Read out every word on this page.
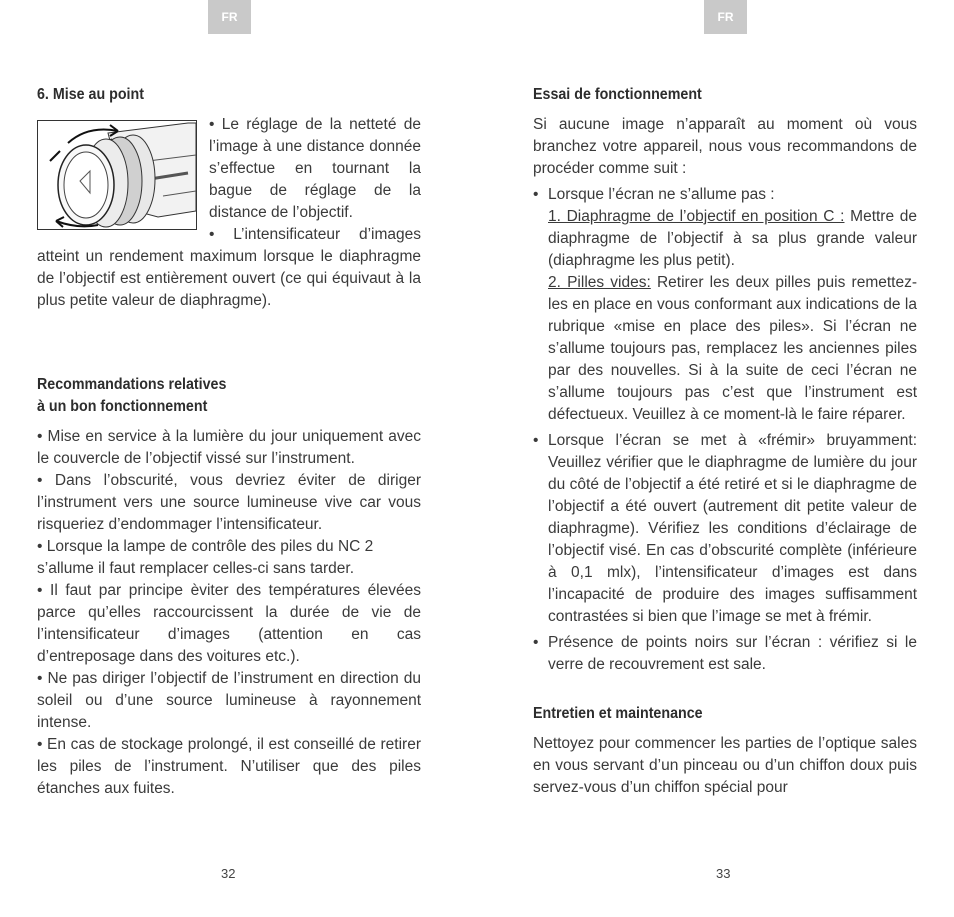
FR
6. Mise au point

• Le réglage de la netteté de l’image à une distance donnée s’effectue en tournant la bague de réglage de la distance de l’objectif.

• L’intensificateur d’images atteint un rendement maximum lorsque le diaphragme de l’objectif est entièrement ouvert (ce qui équivaut à la plus petite valeur de diaphragme).

Recommandations relatives
à un bon fonctionnement

• Mise en service à la lumière du jour uniquement avec le couvercle de l’objectif vissé sur l’instrument.

• Dans l’obscurité, vous devriez éviter de diriger l’instrument vers une source lumineuse vive car vous risqueriez d’endommager l’intensificateur.

• Lorsque la lampe de contrôle des piles du NC 2 s’allume il faut remplacer celles-ci sans tarder.

• Il faut par principe èviter des températures élevées parce qu’elles raccourcissent la durée de vie de l’intensificateur d’images (attention en cas d’entreposage dans des voitures etc.).

• Ne pas diriger l’objectif de l’instrument en direction du soleil ou d’une source lumineuse à rayonnement intense.

• En cas de stockage prolongé, il est conseillé de retirer les piles de l’instrument. N’utiliser que des piles étanches aux fuites.

32
FR
Essai de fonctionnement

Si aucune image n’apparaît au moment où vous branchez votre appareil, nous vous recommandons de procéder comme suit :

• Lorsque l’écran ne s’allume pas :
1. Diaphragme de l’objectif en position C : Mettre de diaphragme de l’objectif à sa plus grande valeur (diaphragme les plus petit).
2. Pilles vides: Retirer les deux pilles puis remettez-les en place en vous conformant aux indications de la rubrique «mise en place des piles». Si l’écran ne s’allume toujours pas, remplacez les anciennes piles par des nouvelles. Si à la suite de ceci l’écran ne s’allume toujours pas c’est que l’instrument est défectueux. Veuillez à ce moment-là le faire réparer.
• Lorsque l’écran se met à «frémir» bruyamment: Veuillez vérifier que le diaphragme de lumière du jour du côté de l’objectif a été retiré et si le diaphragme de l’objectif a été ouvert (autrement dit petite valeur de diaphragme). Vérifiez les conditions d’éclairage de l’objectif visé. En cas d’obscurité complète (inférieure à 0,1 mlx), l’intensificateur d’images est dans l’incapacité de produire des images suffisamment contrastées si bien que l’image se met à frémir.
• Présence de points noirs sur l’écran : vérifiez si le verre de recouvrement est sale.
Entretien et maintenance

Nettoyez pour commencer les parties de l’optique sales en vous servant d’un pinceau ou d’un chiffon doux puis servez-vous d’un chiffon spécial pour

33
